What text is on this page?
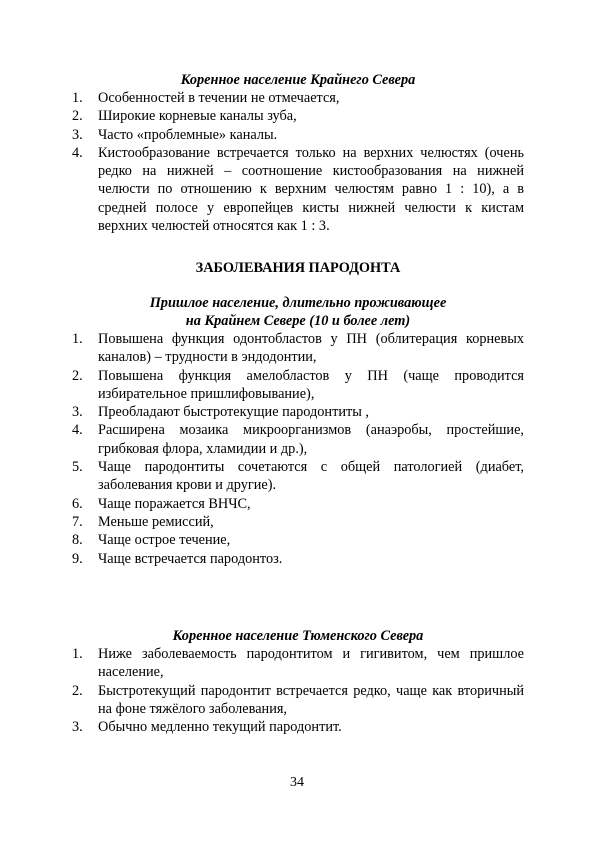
Коренное население Крайнего Севера

1. Особенностей в течении не отмечается,
2. Широкие корневые каналы зуба,
3. Часто «проблемные» каналы.
4. Кистообразование встречается только на верхних челюстях (очень редко на нижней – соотношение кистообразования на нижней челюсти по отношению к верхним челюстям равно 1 : 10), а в средней полосе у европейцев кисты нижней челюсти к кистам верхних челюстей относятся как 1 : 3.

ЗАБОЛЕВАНИЯ ПАРОДОНТА

Пришлое население, длительно проживающее

на Крайнем Севере (10 и более лет)

1. Повышена функция одонтобластов у ПН (облитерация корневых каналов) – трудности в эндодонтии,
2. Повышена функция амелобластов у ПН (чаще проводится избирательное пришлифовывание),
3. Преобладают быстротекущие пародонтиты ,
4. Расширена мозаика микроорганизмов (анаэробы, простейшие, грибковая флора, хламидии и др.),
5. Чаще пародонтиты сочетаются с общей патологией (диабет, заболевания крови и другие).
6. Чаще поражается ВНЧС,
7. Меньше ремиссий,
8. Чаще острое течение,
9. Чаще встречается пародонтоз.

Коренное население Тюменского Севера

1. Ниже заболеваемость пародонтитом и гигивитом, чем пришлое население,
2. Быстротекущий пародонтит встречается редко, чаще как вторичный на фоне тяжёлого заболевания,
3. Обычно медленно текущий пародонтит.
34
